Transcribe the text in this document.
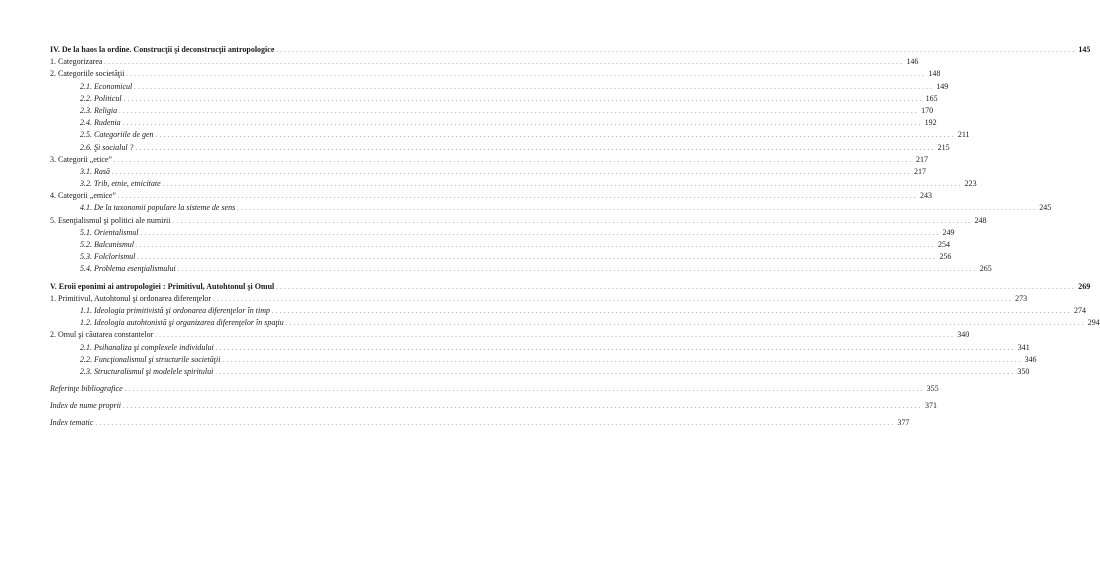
IV. De la haos la ordine. Construcţii şi deconstrucţii antropologice . . . . . . . . . . . . . . . . . . . . . . . . . . . . . . . . . . . . . . . . . . . . . . . . . . . . . . . . . . . . . . . . . . . . . . . . . . . . . . . . . . . . . . . . . . . . . . . . . . . . . . . . . . . . . . . . . . . . . . . . . . . . . . . . . . . . . . . . . . . . . . . . . . . . . . . . . . . . . . . . . . . . . . . . . . . . . . . . . . . . . . . . . . . . . . . . . . . . . . . . 145
1. Categorizarea . . . . . . . . . . . . . . . . . . . . . . . . . . . . . . . . . . . . . . . . . . . . . . . . . . . . . . . . . . . . . . . . . . . . . . . . . . . . . . . . . . . . . . . . . . . . . . . . . . . . . . . . . . . . . . . . . . . . . . . . . . . . . . . . . . . . . . . . . . . . . . . . . . . . . . . . . . . . . . . . . . . . . . . . . . . . . . . . . . . . . . . . . . . . . . . . . . . . . . . . 146
2. Categoriile societăţii . . . . . . . . . . . . . . . . . . . . . . . . . . . . . . . . . . . . . . . . . . . . . . . . . . . . . . . . . . . . . . . . . . . . . . . . . . . . . . . . . . . . . . . . . . . . . . . . . . . . . . . . . . . . . . . . . . . . . . . . . . . . . . . . . . . . . . . . . . . . . . . . . . . . . . . . . . . . . . . . . . . . . . . . . . . . . . . . . . . . . . . . . . . . . . . . . . . . . . . . 148
2.1. Economicul . . . . . . . . . . . . . . . . . . . . . . . . . . . . . . . . . . . . . . . . . . . . . . . . . . . . . . . . . . . . . . . . . . . . . . . . . . . . . . . . . . . . . . . . . . . . . . . . . . . . . . . . . . . . . . . . . . . . . . . . . . . . . . . . . . . . . . . . . . . . . . . . . . . . . . . . . . . . . . . . . . . . . . . . . . . . . . . . . . . . . . . . . . . . . . . . . . . . . . . . 149
2.2. Politicul . . . . . . . . . . . . . . . . . . . . . . . . . . . . . . . . . . . . . . . . . . . . . . . . . . . . . . . . . . . . . . . . . . . . . . . . . . . . . . . . . . . . . . . . . . . . . . . . . . . . . . . . . . . . . . . . . . . . . . . . . . . . . . . . . . . . . . . . . . . . . . . . . . . . . . . . . . . . . . . . . . . . . . . . . . . . . . . . . . . . . . . . . . . . . . . . . . . . . . . . 165
2.3. Religia . . . . . . . . . . . . . . . . . . . . . . . . . . . . . . . . . . . . . . . . . . . . . . . . . . . . . . . . . . . . . . . . . . . . . . . . . . . . . . . . . . . . . . . . . . . . . . . . . . . . . . . . . . . . . . . . . . . . . . . . . . . . . . . . . . . . . . . . . . . . . . . . . . . . . . . . . . . . . . . . . . . . . . . . . . . . . . . . . . . . . . . . . . . . . . . . . . . . . . . . 170
2.4. Rudenia . . . . . . . . . . . . . . . . . . . . . . . . . . . . . . . . . . . . . . . . . . . . . . . . . . . . . . . . . . . . . . . . . . . . . . . . . . . . . . . . . . . . . . . . . . . . . . . . . . . . . . . . . . . . . . . . . . . . . . . . . . . . . . . . . . . . . . . . . . . . . . . . . . . . . . . . . . . . . . . . . . . . . . . . . . . . . . . . . . . . . . . . . . . . . . . . . . . . . . . . 192
2.5. Categoriile de gen . . . . . . . . . . . . . . . . . . . . . . . . . . . . . . . . . . . . . . . . . . . . . . . . . . . . . . . . . . . . . . . . . . . . . . . . . . . . . . . . . . . . . . . . . . . . . . . . . . . . . . . . . . . . . . . . . . . . . . . . . . . . . . . . . . . . . . . . . . . . . . . . . . . . . . . . . . . . . . . . . . . . . . . . . . . . . . . . . . . . . . . . . . . . . . . . . . . . . . . . 211
2.6. Şi socialul ? . . . . . . . . . . . . . . . . . . . . . . . . . . . . . . . . . . . . . . . . . . . . . . . . . . . . . . . . . . . . . . . . . . . . . . . . . . . . . . . . . . . . . . . . . . . . . . . . . . . . . . . . . . . . . . . . . . . . . . . . . . . . . . . . . . . . . . . . . . . . . . . . . . . . . . . . . . . . . . . . . . . . . . . . . . . . . . . . . . . . . . . . . . . . . . . . . . . . . . . . 215
3. Categorii „etice” . . . . . . . . . . . . . . . . . . . . . . . . . . . . . . . . . . . . . . . . . . . . . . . . . . . . . . . . . . . . . . . . . . . . . . . . . . . . . . . . . . . . . . . . . . . . . . . . . . . . . . . . . . . . . . . . . . . . . . . . . . . . . . . . . . . . . . . . . . . . . . . . . . . . . . . . . . . . . . . . . . . . . . . . . . . . . . . . . . . . . . . . . . . . . . . . . . . . . . . . 217
3.1. Rasă . . . . . . . . . . . . . . . . . . . . . . . . . . . . . . . . . . . . . . . . . . . . . . . . . . . . . . . . . . . . . . . . . . . . . . . . . . . . . . . . . . . . . . . . . . . . . . . . . . . . . . . . . . . . . . . . . . . . . . . . . . . . . . . . . . . . . . . . . . . . . . . . . . . . . . . . . . . . . . . . . . . . . . . . . . . . . . . . . . . . . . . . . . . . . . . . . . . . . . . . 217
3.2. Trib, etnie, etnicitate . . . . . . . . . . . . . . . . . . . . . . . . . . . . . . . . . . . . . . . . . . . . . . . . . . . . . . . . . . . . . . . . . . . . . . . . . . . . . . . . . . . . . . . . . . . . . . . . . . . . . . . . . . . . . . . . . . . . . . . . . . . . . . . . . . . . . . . . . . . . . . . . . . . . . . . . . . . . . . . . . . . . . . . . . . . . . . . . . . . . . . . . . . . . . . . . . . . . . . . . 223
4. Categorii „emice” . . . . . . . . . . . . . . . . . . . . . . . . . . . . . . . . . . . . . . . . . . . . . . . . . . . . . . . . . . . . . . . . . . . . . . . . . . . . . . . . . . . . . . . . . . . . . . . . . . . . . . . . . . . . . . . . . . . . . . . . . . . . . . . . . . . . . . . . . . . . . . . . . . . . . . . . . . . . . . . . . . . . . . . . . . . . . . . . . . . . . . . . . . . . . . . . . . . . . . . . 243
4.1. De la taxonomii populare la sisteme de sens . . . . . . . . . . . . . . . . . . . . . . . . . . . . . . . . . . . . . . . . . . . . . . . . . . . . . . . . . . . . . . . . . . . . . . . . . . . . . . . . . . . . . . . . . . . . . . . . . . . . . . . . . . . . . . . . . . . . . . . . . . . . . . . . . . . . . . . . . . . . . . . . . . . . . . . . . . . . . . . . . . . . . . . . . . . . . . . . . . . . . . . . . . . . . . . . . . . . . . . . 245
5. Esenţialismul şi politici ale numirii . . . . . . . . . . . . . . . . . . . . . . . . . . . . . . . . . . . . . . . . . . . . . . . . . . . . . . . . . . . . . . . . . . . . . . . . . . . . . . . . . . . . . . . . . . . . . . . . . . . . . . . . . . . . . . . . . . . . . . . . . . . . . . . . . . . . . . . . . . . . . . . . . . . . . . . . . . . . . . . . . . . . . . . . . . . . . . . . . . . . . . . . . . . . . . . . . . . . . . . . 248
5.1. Orientalismul . . . . . . . . . . . . . . . . . . . . . . . . . . . . . . . . . . . . . . . . . . . . . . . . . . . . . . . . . . . . . . . . . . . . . . . . . . . . . . . . . . . . . . . . . . . . . . . . . . . . . . . . . . . . . . . . . . . . . . . . . . . . . . . . . . . . . . . . . . . . . . . . . . . . . . . . . . . . . . . . . . . . . . . . . . . . . . . . . . . . . . . . . . . . . . . . . . . . . . . . 249
5.2. Balcanismul . . . . . . . . . . . . . . . . . . . . . . . . . . . . . . . . . . . . . . . . . . . . . . . . . . . . . . . . . . . . . . . . . . . . . . . . . . . . . . . . . . . . . . . . . . . . . . . . . . . . . . . . . . . . . . . . . . . . . . . . . . . . . . . . . . . . . . . . . . . . . . . . . . . . . . . . . . . . . . . . . . . . . . . . . . . . . . . . . . . . . . . . . . . . . . . . . . . . . . . . 254
5.3. Folclorismul . . . . . . . . . . . . . . . . . . . . . . . . . . . . . . . . . . . . . . . . . . . . . . . . . . . . . . . . . . . . . . . . . . . . . . . . . . . . . . . . . . . . . . . . . . . . . . . . . . . . . . . . . . . . . . . . . . . . . . . . . . . . . . . . . . . . . . . . . . . . . . . . . . . . . . . . . . . . . . . . . . . . . . . . . . . . . . . . . . . . . . . . . . . . . . . . . . . . . . . . 256
5.4. Problema esenţialismului . . . . . . . . . . . . . . . . . . . . . . . . . . . . . . . . . . . . . . . . . . . . . . . . . . . . . . . . . . . . . . . . . . . . . . . . . . . . . . . . . . . . . . . . . . . . . . . . . . . . . . . . . . . . . . . . . . . . . . . . . . . . . . . . . . . . . . . . . . . . . . . . . . . . . . . . . . . . . . . . . . . . . . . . . . . . . . . . . . . . . . . . . . . . . . . . . . . . . . . . 265
V. Eroii eponimi ai antropologiei : Primitivul, Autohtonul şi Omul . . . . . . . . . . . . . . . . . . . . . . . . . . . . . . . . . . . . . . . . . . . . . . . . . . . . . . . . . . . . . . . . . . . . . . . . . . . . . . . . . . . . . . . . . . . . . . . . . . . . . . . . . . . . . . . . . . . . . . . . . . . . . . . . . . . . . . . . . . . . . . . . . . . . . . . . . . . . . . . . . . . . . . . . . . . . . . . . . . . . . . . . . . . . . . . . . . . . . . . . 269
1. Primitivul, Autohtonul şi ordonarea diferenţelor . . . . . . . . . . . . . . . . . . . . . . . . . . . . . . . . . . . . . . . . . . . . . . . . . . . . . . . . . . . . . . . . . . . . . . . . . . . . . . . . . . . . . . . . . . . . . . . . . . . . . . . . . . . . . . . . . . . . . . . . . . . . . . . . . . . . . . . . . . . . . . . . . . . . . . . . . . . . . . . . . . . . . . . . . . . . . . . . . . . . . . . . . . . . . . . . . . . . . . . . 273
1.1. Ideologia primitivistă şi ordonarea diferenţelor în timp . . . . . . . . . . . . . . . . . . . . . . . . . . . . . . . . . . . . . . . . . . . . . . . . . . . . . . . . . . . . . . . . . . . . . . . . . . . . . . . . . . . . . . . . . . . . . . . . . . . . . . . . . . . . . . . . . . . . . . . . . . . . . . . . . . . . . . . . . . . . . . . . . . . . . . . . . . . . . . . . . . . . . . . . . . . . . . . . . . . . . . . . . . . . . . . . . . . . . . . . 274
1.2. Ideologia autohtonistă şi organizarea diferenţelor în spaţiu . . . . . . . . . . . . . . . . . . . . . . . . . . . . . . . . . . . . . . . . . . . . . . . . . . . . . . . . . . . . . . . . . . . . . . . . . . . . . . . . . . . . . . . . . . . . . . . . . . . . . . . . . . . . . . . . . . . . . . . . . . . . . . . . . . . . . . . . . . . . . . . . . . . . . . . . . . . . . . . . . . . . . . . . . . . . . . . . . . . . . . . . . . . . . . . . . . . . . . . . 294
2. Omul şi căutarea constantelor . . . . . . . . . . . . . . . . . . . . . . . . . . . . . . . . . . . . . . . . . . . . . . . . . . . . . . . . . . . . . . . . . . . . . . . . . . . . . . . . . . . . . . . . . . . . . . . . . . . . . . . . . . . . . . . . . . . . . . . . . . . . . . . . . . . . . . . . . . . . . . . . . . . . . . . . . . . . . . . . . . . . . . . . . . . . . . . . . . . . . . . . . . . . . . . . . . . . . . . . 340
2.1. Psihanaliza şi complexele individului . . . . . . . . . . . . . . . . . . . . . . . . . . . . . . . . . . . . . . . . . . . . . . . . . . . . . . . . . . . . . . . . . . . . . . . . . . . . . . . . . . . . . . . . . . . . . . . . . . . . . . . . . . . . . . . . . . . . . . . . . . . . . . . . . . . . . . . . . . . . . . . . . . . . . . . . . . . . . . . . . . . . . . . . . . . . . . . . . . . . . . . . . . . . . . . . . . . . . . . . 341
2.2. Funcţionalismul şi structurile societăţii . . . . . . . . . . . . . . . . . . . . . . . . . . . . . . . . . . . . . . . . . . . . . . . . . . . . . . . . . . . . . . . . . . . . . . . . . . . . . . . . . . . . . . . . . . . . . . . . . . . . . . . . . . . . . . . . . . . . . . . . . . . . . . . . . . . . . . . . . . . . . . . . . . . . . . . . . . . . . . . . . . . . . . . . . . . . . . . . . . . . . . . . . . . . . . . . . . . . . . . . 346
2.3. Structuralismul şi modelele spiritului . . . . . . . . . . . . . . . . . . . . . . . . . . . . . . . . . . . . . . . . . . . . . . . . . . . . . . . . . . . . . . . . . . . . . . . . . . . . . . . . . . . . . . . . . . . . . . . . . . . . . . . . . . . . . . . . . . . . . . . . . . . . . . . . . . . . . . . . . . . . . . . . . . . . . . . . . . . . . . . . . . . . . . . . . . . . . . . . . . . . . . . . . . . . . . . . . . . . . . . . 350
Referinţe bibliografice . . . . . . . . . . . . . . . . . . . . . . . . . . . . . . . . . . . . . . . . . . . . . . . . . . . . . . . . . . . . . . . . . . . . . . . . . . . . . . . . . . . . . . . . . . . . . . . . . . . . . . . . . . . . . . . . . . . . . . . . . . . . . . . . . . . . . . . . . . . . . . . . . . . . . . . . . . . . . . . . . . . . . . . . . . . . . . . . . . . . . . . . . . . . . . . . . . . . . . . . 355
Index de nume proprii . . . . . . . . . . . . . . . . . . . . . . . . . . . . . . . . . . . . . . . . . . . . . . . . . . . . . . . . . . . . . . . . . . . . . . . . . . . . . . . . . . . . . . . . . . . . . . . . . . . . . . . . . . . . . . . . . . . . . . . . . . . . . . . . . . . . . . . . . . . . . . . . . . . . . . . . . . . . . . . . . . . . . . . . . . . . . . . . . . . . . . . . . . . . . . . . . . . . . . . . 371
Index tematic . . . . . . . . . . . . . . . . . . . . . . . . . . . . . . . . . . . . . . . . . . . . . . . . . . . . . . . . . . . . . . . . . . . . . . . . . . . . . . . . . . . . . . . . . . . . . . . . . . . . . . . . . . . . . . . . . . . . . . . . . . . . . . . . . . . . . . . . . . . . . . . . . . . . . . . . . . . . . . . . . . . . . . . . . . . . . . . . . . . . . . . . . . . . . . . . . . . . . . . . 377
